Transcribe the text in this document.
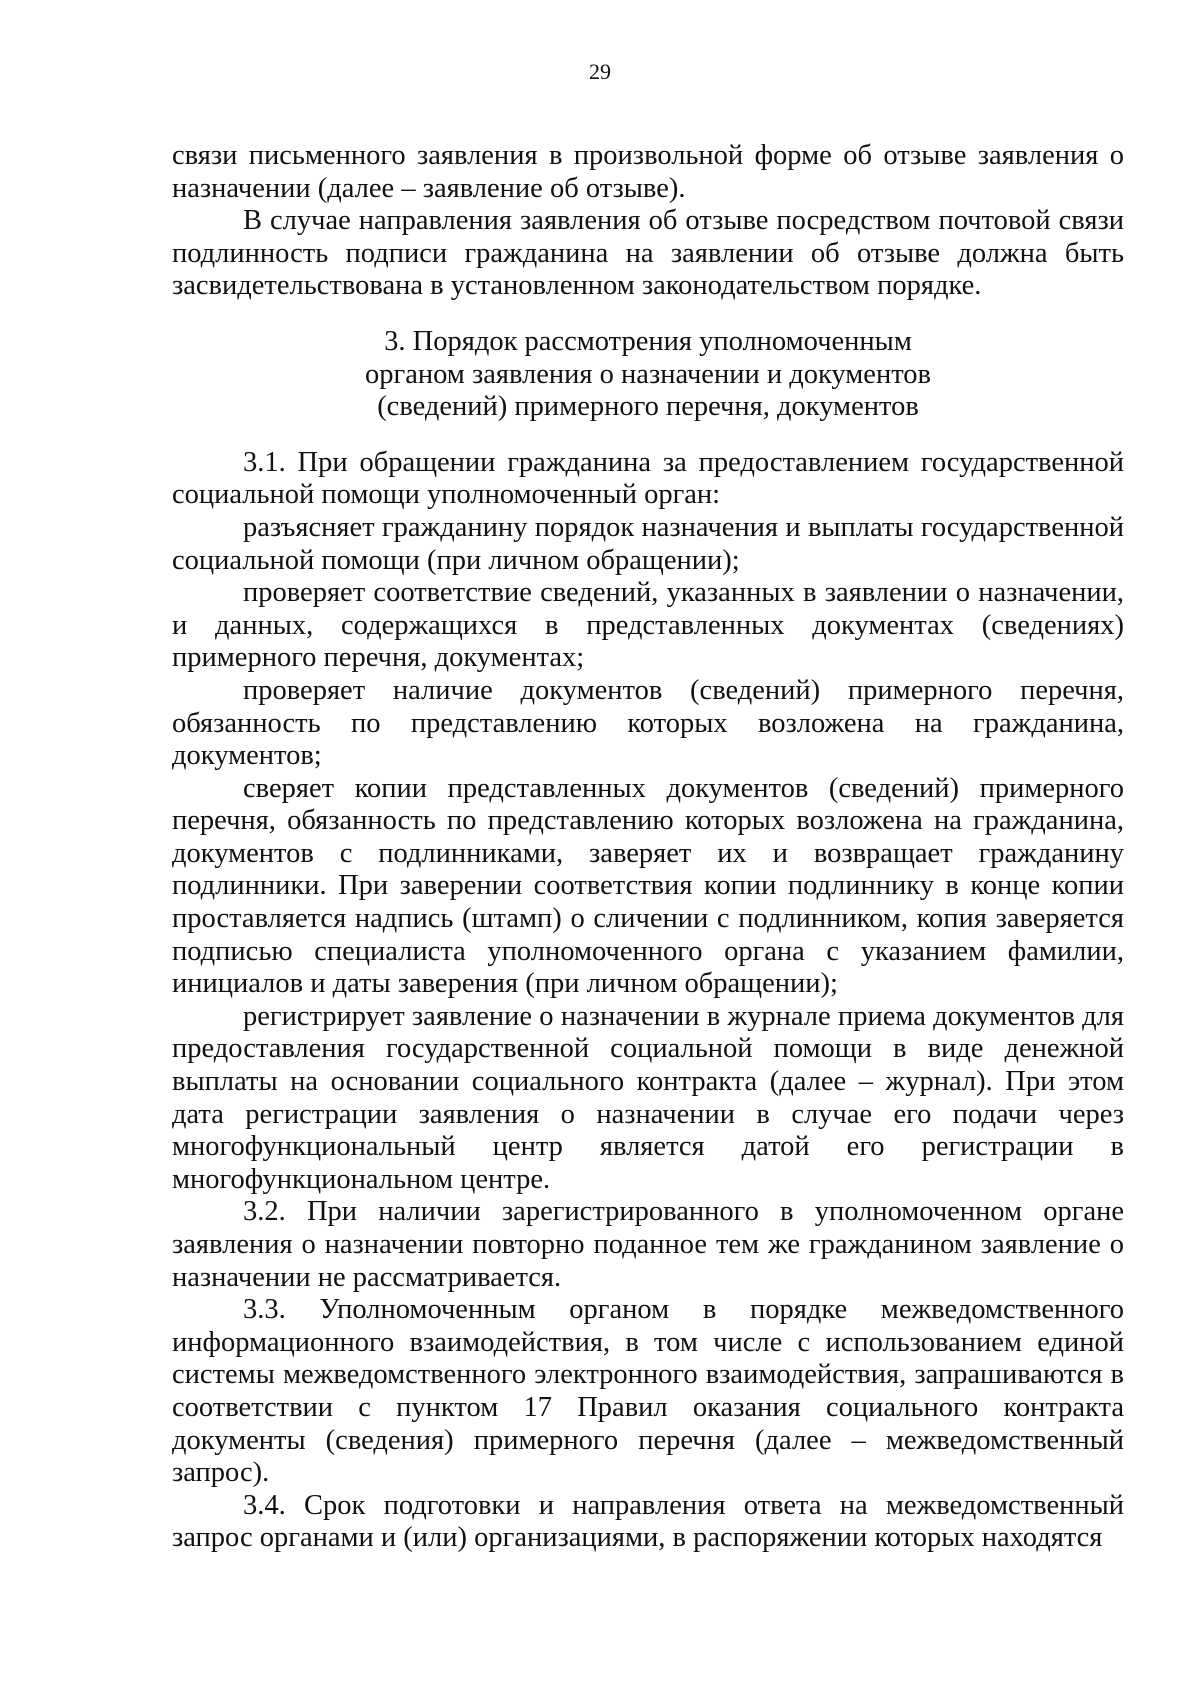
29

связи письменного заявления в произвольной форме об отзыве заявления о назначении (далее – заявление об отзыве).

В случае направления заявления об отзыве посредством почтовой связи подлинность подписи гражданина на заявлении об отзыве должна быть засвидетельствована в установленном законодательством порядке.

3. Порядок рассмотрения уполномоченным

органом заявления о назначении и документов

(сведений) примерного перечня, документов

3.1. При обращении гражданина за предоставлением государственной социальной помощи уполномоченный орган:

разъясняет гражданину порядок назначения и выплаты государственной социальной помощи (при личном обращении);

проверяет соответствие сведений, указанных в заявлении о назначении, и данных, содержащихся в представленных документах (сведениях) примерного перечня, документах;

проверяет наличие документов (сведений) примерного перечня, обязанность по представлению которых возложена на гражданина, документов;

сверяет копии представленных документов (сведений) примерного перечня, обязанность по представлению которых возложена на гражданина, документов с подлинниками, заверяет их и возвращает гражданину подлинники. При заверении соответствия копии подлиннику в конце копии проставляется надпись (штамп) о сличении с подлинником, копия заверяется подписью специалиста уполномоченного органа с указанием фамилии, инициалов и даты заверения (при личном обращении);

регистрирует заявление о назначении в журнале приема документов для предоставления государственной социальной помощи в виде денежной выплаты на основании социального контракта (далее – журнал). При этом дата регистрации заявления о назначении в случае его подачи через многофункциональный центр является датой его регистрации в многофункциональном центре.

3.2. При наличии зарегистрированного в уполномоченном органе заявления о назначении повторно поданное тем же гражданином заявление о назначении не рассматривается.

3.3. Уполномоченным органом в порядке межведомственного информационного взаимодействия, в том числе с использованием единой системы межведомственного электронного взаимодействия, запрашиваются в соответствии с пунктом 17 Правил оказания социального контракта документы (сведения) примерного перечня (далее – межведомственный запрос).

3.4. Срок подготовки и направления ответа на межведомственный запрос органами и (или) организациями, в распоряжении которых находятся
